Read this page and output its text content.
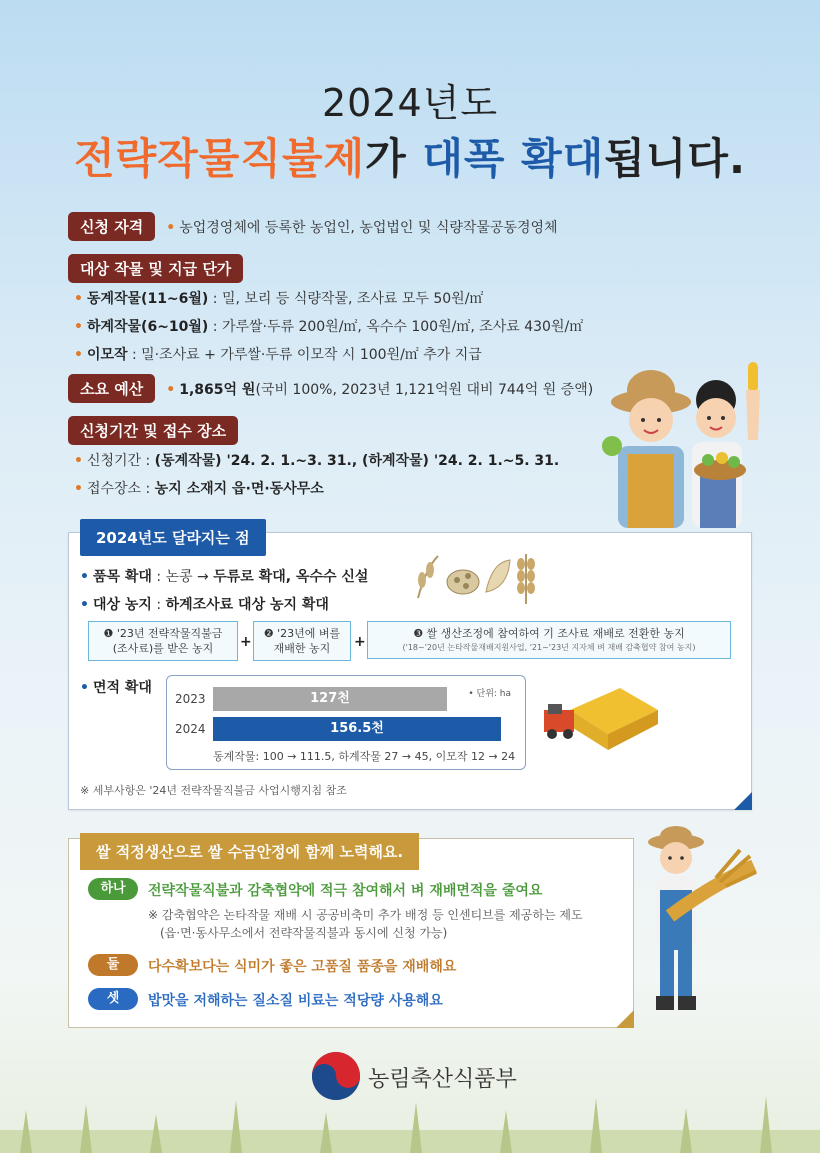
2024년도
전략작물직불제가 대폭 확대됩니다.
신청 자격 • 농업경영체에 등록한 농업인, 농업법인 및 식량작물공동경영체
대상 작물 및 지급 단가
• 동계작물(11~6월) : 밀, 보리 등 식량작물, 조사료 모두 50원/㎡
• 하계작물(6~10월) : 가루쌀·두류 200원/㎡, 옥수수 100원/㎡, 조사료 430원/㎡
• 이모작 : 밀·조사료 + 가루쌀·두류 이모작 시 100원/㎡ 추가 지급
소요 예산 • 1,865억 원(국비 100%, 2023년 1,121억원 대비 744억 원 증액)
신청기간 및 접수 장소
• 신청기간 : (동계작물) '24. 2. 1.~3. 31., (하계작물) '24. 2. 1.~5. 31.
• 접수장소 : 농지 소재지 읍·면·동사무소
2024년도 달라지는 점
• 품목 확대 : 논콩 → 두류로 확대, 옥수수 신설
• 대상 농지 : 하계조사료 대상 농지 확대
❶ '23년 전략작물직불금
(조사료)를 받은 농지	+
❷ '23년에 벼를
재배한 농지	+
❸ 쌀 생산조정에 참여하여 기 조사료 재배로 전환한 농지
('18~'20년 논타작물재배지원사업, '21~'23년 지자체 벼 재배 감축협약 참여 농지)
• 면적 확대
2023	127천
2024	156.5천
• 단위: ha
동계작물: 100 → 111.5, 하계작물 27 → 45, 이모작 12 → 24
※ 세부사항은 '24년 전략작물직불금 사업시행지침 참조
쌀 적정생산으로 쌀 수급안정에 함께 노력해요.
하나	전략작물직불과 감축협약에 적극 참여해서 벼 재배면적을 줄여요
※ 감축협약은 논타작물 재배 시 공공비축미 추가 배정 등 인센티브를 제공하는 제도
(읍·면·동사무소에서 전략작물직불과 동시에 신청 가능)
둘	다수확보다는 식미가 좋은 고품질 품종을 재배해요
셋	밥맛을 저해하는 질소질 비료는 적당량 사용해요
농림축산식품부
